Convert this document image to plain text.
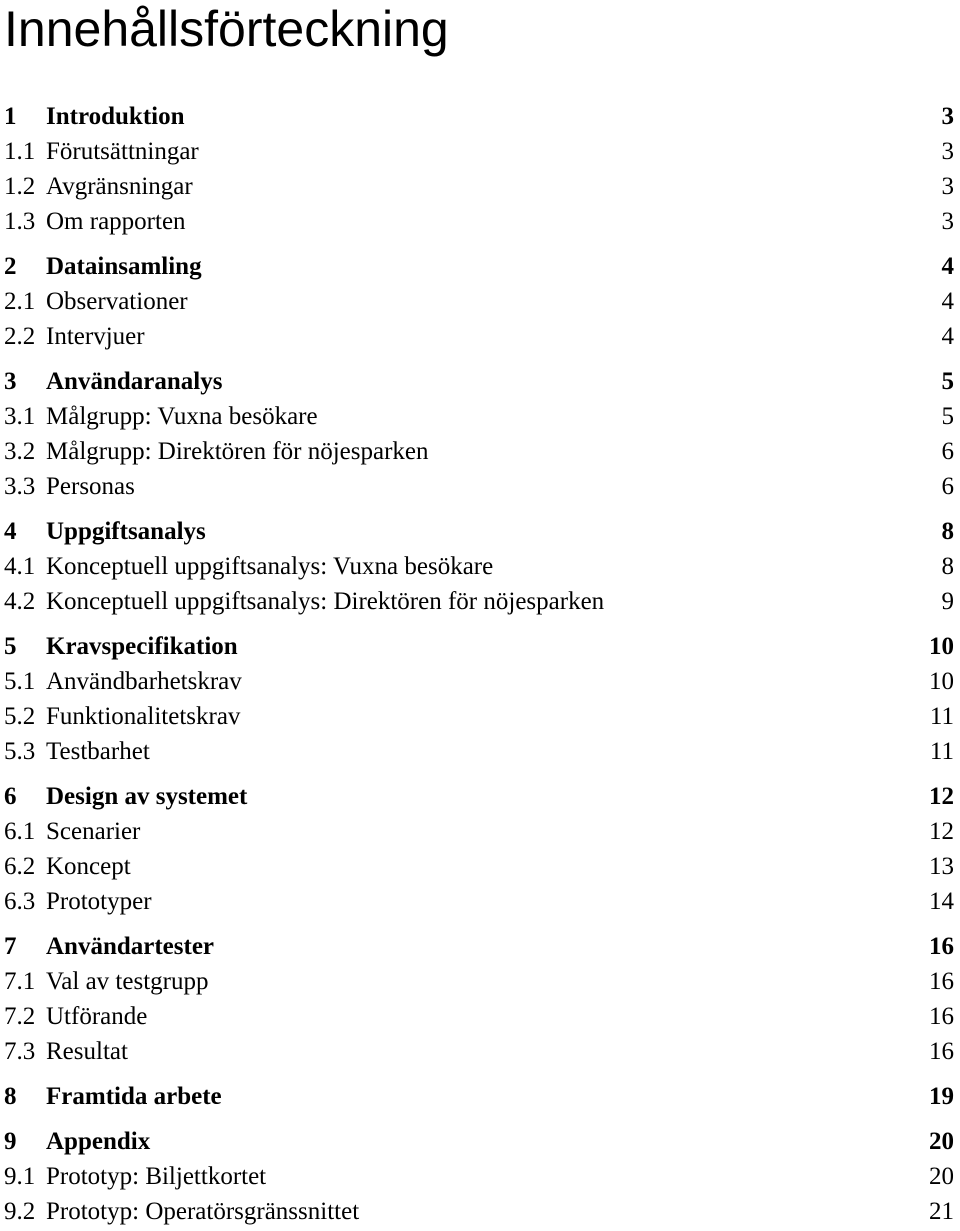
Innehållsförteckning
1 Introduktion	3
1.1 Förutsättningar	3
1.2 Avgränsningar	3
1.3 Om rapporten	3
2 Datainsamling	4
2.1 Observationer	4
2.2 Intervjuer	4
3 Användaranalys	5
3.1 Målgrupp: Vuxna besökare	5
3.2 Målgrupp: Direktören för nöjesparken	6
3.3 Personas	6
4 Uppgiftsanalys	8
4.1 Konceptuell uppgiftsanalys: Vuxna besökare	8
4.2 Konceptuell uppgiftsanalys: Direktören för nöjesparken	9
5 Kravspecifikation	10
5.1 Användbarhetskrav	10
5.2 Funktionalitetskrav	11
5.3 Testbarhet	11
6 Design av systemet	12
6.1 Scenarier	12
6.2 Koncept	13
6.3 Prototyper	14
7 Användartester	16
7.1 Val av testgrupp	16
7.2 Utförande	16
7.3 Resultat	16
8 Framtida arbete	19
9 Appendix	20
9.1 Prototyp: Biljettkortet	20
9.2 Prototyp: Operatörsgränssnittet	21
